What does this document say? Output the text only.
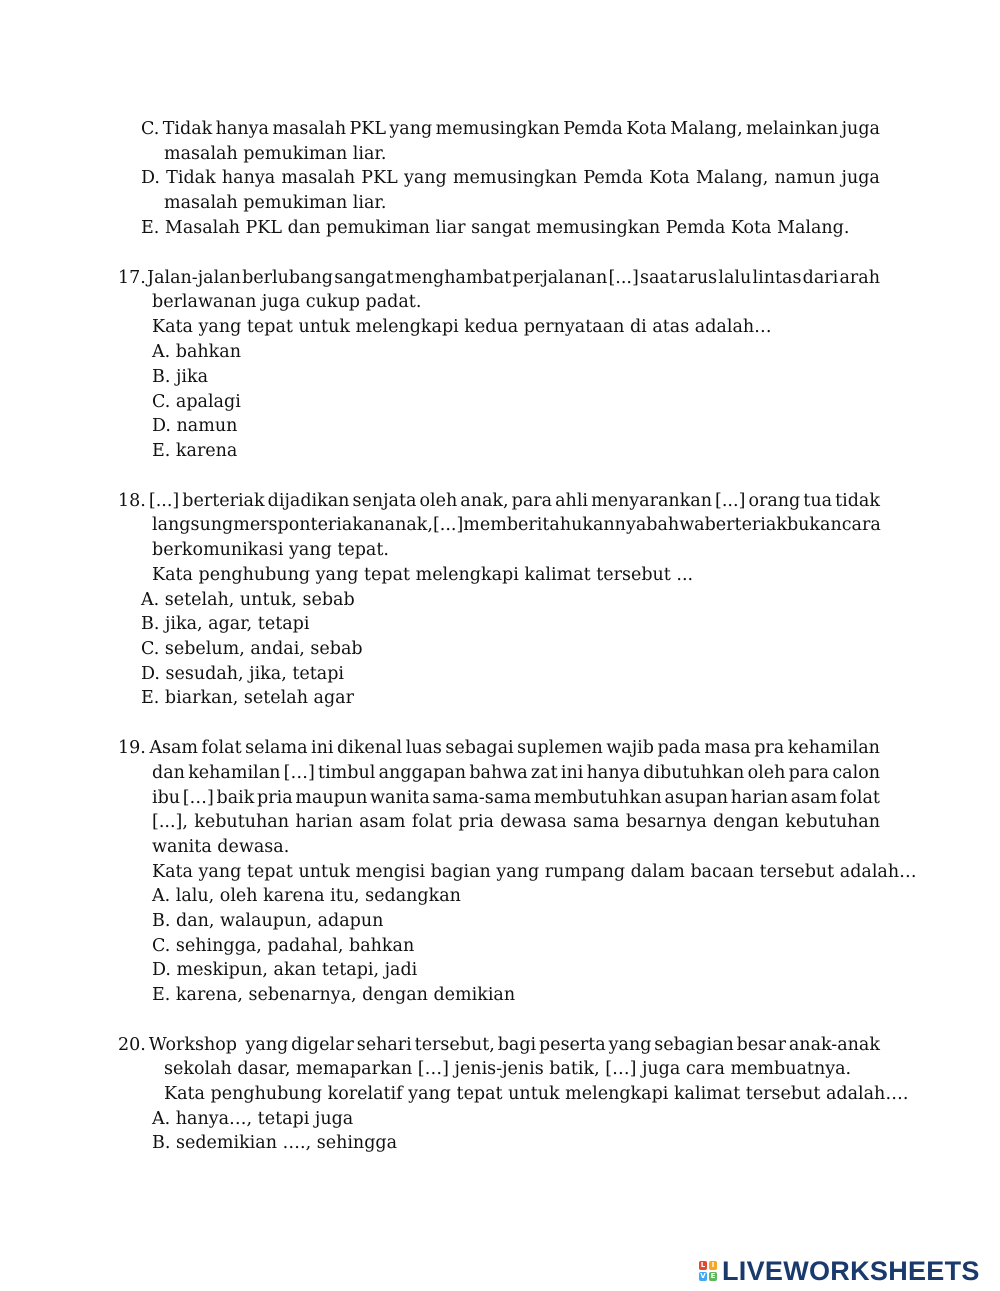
C. Tidak hanya masalah PKL yang memusingkan Pemda Kota Malang, melainkan juga
masalah pemukiman liar.
D. Tidak hanya masalah PKL yang memusingkan Pemda Kota Malang, namun juga
masalah pemukiman liar.
E. Masalah PKL dan pemukiman liar sangat memusingkan Pemda Kota Malang.
17. Jalan-jalan berlubang sangat menghambat perjalanan [...] saat arus lalu lintas dari arah
berlawanan juga cukup padat.
Kata yang tepat untuk melengkapi kedua pernyataan di atas adalah…
A. bahkan
B. jika
C. apalagi
D. namun
E. karena
18. [...] berteriak dijadikan senjata oleh anak, para ahli menyarankan [...] orang tua tidak
langsung merspon teriakan anak, [...] memberitahukannya bahwa berteriak bukan cara
berkomunikasi yang tepat.
Kata penghubung yang tepat melengkapi kalimat tersebut ...
A. setelah, untuk, sebab
B. jika, agar, tetapi
C. sebelum, andai, sebab
D. sesudah, jika, tetapi
E. biarkan, setelah agar
19. Asam folat selama ini dikenal luas sebagai suplemen wajib pada masa pra kehamilan
dan kehamilan […] timbul anggapan bahwa zat ini hanya dibutuhkan oleh para calon
ibu […] baik pria maupun wanita sama-sama membutuhkan asupan harian asam folat
[...], kebutuhan harian asam folat pria dewasa sama besarnya dengan kebutuhan
wanita dewasa.
Kata yang tepat untuk mengisi bagian yang rumpang dalam bacaan tersebut adalah…
A. lalu, oleh karena itu, sedangkan
B. dan, walaupun, adapun
C. sehingga, padahal, bahkan
D. meskipun, akan tetapi, jadi
E. karena, sebenarnya, dengan demikian
20. Workshop yang digelar sehari tersebut, bagi peserta yang sebagian besar anak-anak
sekolah dasar, memaparkan […] jenis-jenis batik, […] juga cara membuatnya.
Kata penghubung korelatif yang tepat untuk melengkapi kalimat tersebut adalah….
A. hanya…, tetapi juga
B. sedemikian …., sehingga
L I
V E LIVEWORKSHEETS
